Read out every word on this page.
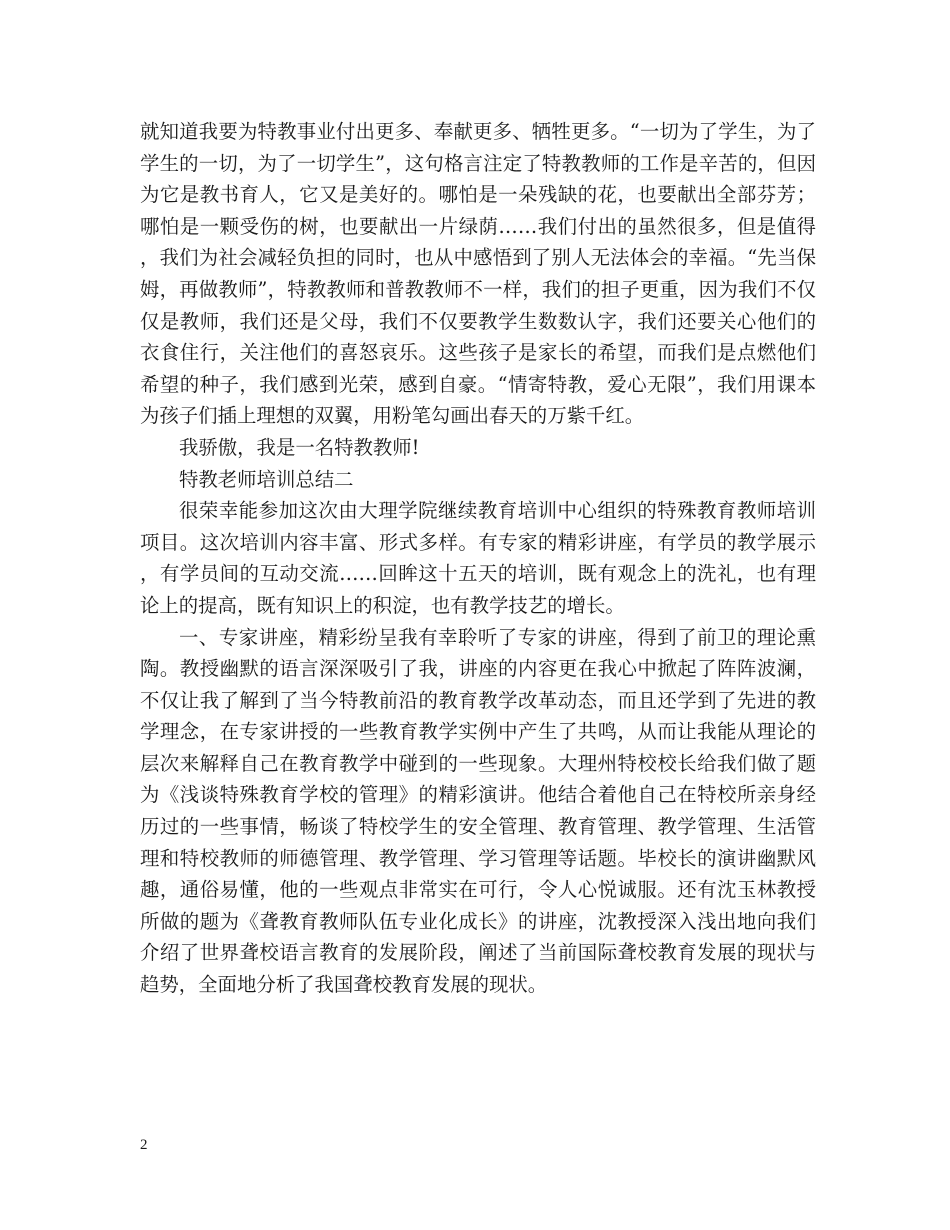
就知道我要为特教事业付出更多、奉献更多、牺牲更多。“一切为了学生，为了学生的一切，为了一切学生”，这句格言注定了特教教师的工作是辛苦的，但因为它是教书育人，它又是美好的。哪怕是一朵残缺的花，也要献出全部芬芳；哪怕是一颗受伤的树，也要献出一片绿荫……我们付出的虽然很多，但是值得，我们为社会减轻负担的同时，也从中感悟到了别人无法体会的幸福。“先当保姆，再做教师”，特教教师和普教教师不一样，我们的担子更重，因为我们不仅仅是教师，我们还是父母，我们不仅要教学生数数认字，我们还要关心他们的衣食住行，关注他们的喜怒哀乐。这些孩子是家长的希望，而我们是点燃他们希望的种子，我们感到光荣，感到自豪。“情寄特教，爱心无限”，我们用课本为孩子们插上理想的双翼，用粉笔勾画出春天的万紫千红。

我骄傲，我是一名特教教师!

特教老师培训总结二

很荣幸能参加这次由大理学院继续教育培训中心组织的特殊教育教师培训项目。这次培训内容丰富、形式多样。有专家的精彩讲座，有学员的教学展示，有学员间的互动交流……回眸这十五天的培训，既有观念上的洗礼，也有理论上的提高，既有知识上的积淀，也有教学技艺的增长。

一、专家讲座，精彩纷呈我有幸聆听了专家的讲座，得到了前卫的理论熏陶。教授幽默的语言深深吸引了我，讲座的内容更在我心中掀起了阵阵波澜，不仅让我了解到了当今特教前沿的教育教学改革动态，而且还学到了先进的教学理念，在专家讲授的一些教育教学实例中产生了共鸣，从而让我能从理论的层次来解释自己在教育教学中碰到的一些现象。大理州特校校长给我们做了题为《浅谈特殊教育学校的管理》的精彩演讲。他结合着他自己在特校所亲身经历过的一些事情，畅谈了特校学生的安全管理、教育管理、教学管理、生活管理和特校教师的师德管理、教学管理、学习管理等话题。毕校长的演讲幽默风趣，通俗易懂，他的一些观点非常实在可行，令人心悦诚服。还有沈玉林教授所做的题为《聋教育教师队伍专业化成长》的讲座，沈教授深入浅出地向我们介绍了世界聋校语言教育的发展阶段，阐述了当前国际聋校教育发展的现状与趋势，全面地分析了我国聋校教育发展的现状。

2
